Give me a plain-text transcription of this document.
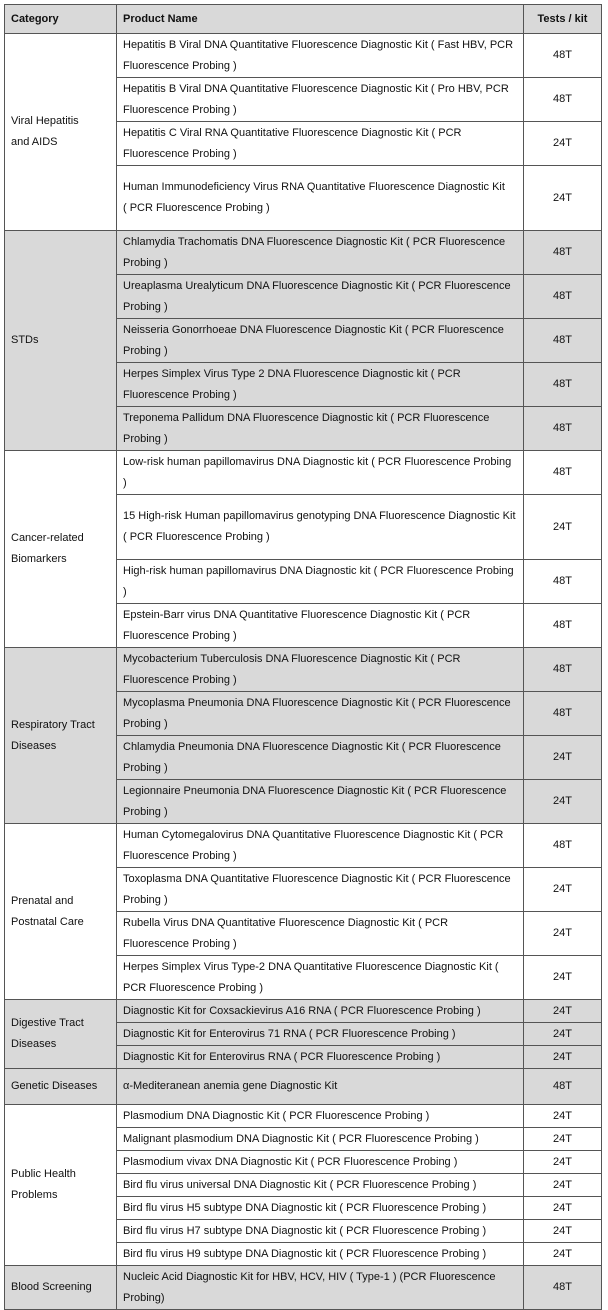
Category	Product Name	Tests / kit
Viral Hepatitis
and AIDS	Hepatitis B Viral DNA Quantitative Fluorescence Diagnostic Kit ( Fast HBV, PCR Fluorescence Probing )	48T
	Hepatitis B Viral DNA Quantitative Fluorescence Diagnostic Kit ( Pro HBV, PCR Fluorescence Probing )	48T
	Hepatitis C Viral RNA Quantitative Fluorescence Diagnostic Kit ( PCR Fluorescence Probing )	24T
	Human Immunodeficiency Virus RNA Quantitative Fluorescence Diagnostic Kit
( PCR Fluorescence Probing )	24T
STDs	Chlamydia Trachomatis DNA Fluorescence Diagnostic Kit ( PCR Fluorescence Probing )	48T
	Ureaplasma Urealyticum DNA Fluorescence Diagnostic Kit ( PCR Fluorescence Probing )	48T
	Neisseria Gonorrhoeae DNA Fluorescence Diagnostic Kit ( PCR Fluorescence Probing )	48T
	Herpes Simplex Virus Type 2 DNA Fluorescence Diagnostic kit ( PCR Fluorescence Probing )	48T
	Treponema Pallidum DNA Fluorescence Diagnostic kit ( PCR Fluorescence Probing )	48T
Cancer-related
Biomarkers	Low-risk human papillomavirus DNA Diagnostic kit ( PCR Fluorescence Probing )	48T
	15 High-risk Human papillomavirus genotyping DNA Fluorescence Diagnostic Kit
( PCR Fluorescence Probing )	24T
	High-risk human papillomavirus DNA Diagnostic kit ( PCR Fluorescence Probing )	48T
	Epstein-Barr virus DNA Quantitative Fluorescence Diagnostic Kit ( PCR Fluorescence Probing )	48T
Respiratory Tract
Diseases	Mycobacterium Tuberculosis DNA Fluorescence Diagnostic Kit ( PCR Fluorescence Probing )	48T
	Mycoplasma Pneumonia DNA Fluorescence Diagnostic Kit ( PCR Fluorescence Probing )	48T
	Chlamydia Pneumonia DNA Fluorescence Diagnostic Kit ( PCR Fluorescence Probing )	24T
	Legionnaire Pneumonia DNA Fluorescence Diagnostic Kit ( PCR Fluorescence Probing )	24T
Prenatal and
Postnatal Care	Human Cytomegalovirus DNA Quantitative Fluorescence Diagnostic Kit ( PCR Fluorescence Probing )	48T
	Toxoplasma DNA Quantitative Fluorescence Diagnostic Kit ( PCR Fluorescence Probing )	24T
	Rubella Virus DNA Quantitative Fluorescence Diagnostic Kit ( PCR Fluorescence Probing )	24T
	Herpes Simplex Virus Type-2 DNA Quantitative Fluorescence Diagnostic Kit ( PCR Fluorescence Probing )	24T
Digestive Tract
Diseases	Diagnostic Kit for Coxsackievirus A16 RNA ( PCR Fluorescence Probing )	24T
	Diagnostic Kit for Enterovirus 71 RNA ( PCR Fluorescence Probing )	24T
	Diagnostic Kit for Enterovirus RNA ( PCR Fluorescence Probing )	24T
Genetic Diseases	α-Mediteranean anemia gene Diagnostic Kit	48T
Public Health
Problems	Plasmodium DNA Diagnostic Kit ( PCR Fluorescence Probing )	24T
	Malignant plasmodium DNA Diagnostic Kit ( PCR Fluorescence Probing )	24T
	Plasmodium vivax DNA Diagnostic Kit ( PCR Fluorescence Probing )	24T
	Bird flu virus universal DNA Diagnostic Kit ( PCR Fluorescence Probing )	24T
	Bird flu virus H5 subtype DNA Diagnostic kit ( PCR Fluorescence Probing )	24T
	Bird flu virus H7 subtype DNA Diagnostic kit ( PCR Fluorescence Probing )	24T
	Bird flu virus H9 subtype DNA Diagnostic kit ( PCR Fluorescence Probing )	24T
Blood Screening	Nucleic Acid Diagnostic Kit for HBV, HCV, HIV ( Type-1 ) (PCR Fluorescence Probing)	48T
